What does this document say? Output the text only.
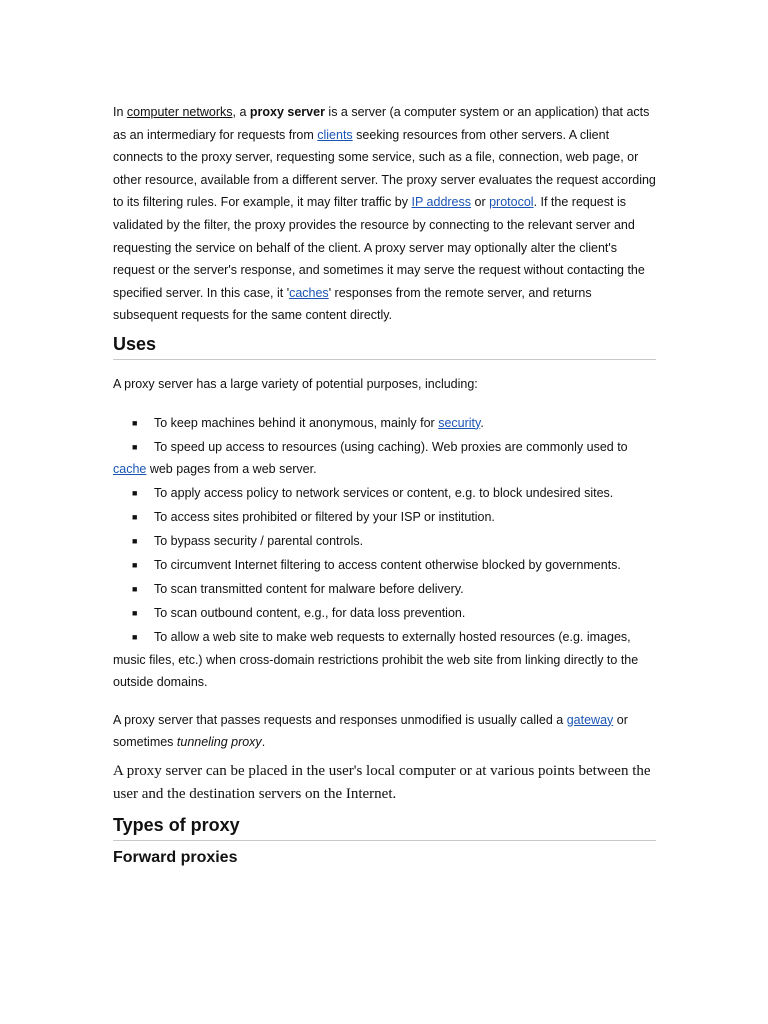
In computer networks, a proxy server is a server (a computer system or an application) that acts as an intermediary for requests from clients seeking resources from other servers. A client connects to the proxy server, requesting some service, such as a file, connection, web page, or other resource, available from a different server. The proxy server evaluates the request according to its filtering rules. For example, it may filter traffic by IP address or protocol. If the request is validated by the filter, the proxy provides the resource by connecting to the relevant server and requesting the service on behalf of the client. A proxy server may optionally alter the client's request or the server's response, and sometimes it may serve the request without contacting the specified server. In this case, it 'caches' responses from the remote server, and returns subsequent requests for the same content directly.

Uses

A proxy server has a large variety of potential purposes, including:

■ To keep machines behind it anonymous, mainly for security.
■ To speed up access to resources (using caching). Web proxies are commonly used to cache web pages from a web server.
■ To apply access policy to network services or content, e.g. to block undesired sites.
■ To access sites prohibited or filtered by your ISP or institution.
■ To bypass security / parental controls.
■ To circumvent Internet filtering to access content otherwise blocked by governments.
■ To scan transmitted content for malware before delivery.
■ To scan outbound content, e.g., for data loss prevention.
■ To allow a web site to make web requests to externally hosted resources (e.g. images, music files, etc.) when cross-domain restrictions prohibit the web site from linking directly to the outside domains.

A proxy server that passes requests and responses unmodified is usually called a gateway or sometimes tunneling proxy.

A proxy server can be placed in the user's local computer or at various points between the user and the destination servers on the Internet.

Types of proxy
Forward proxies
